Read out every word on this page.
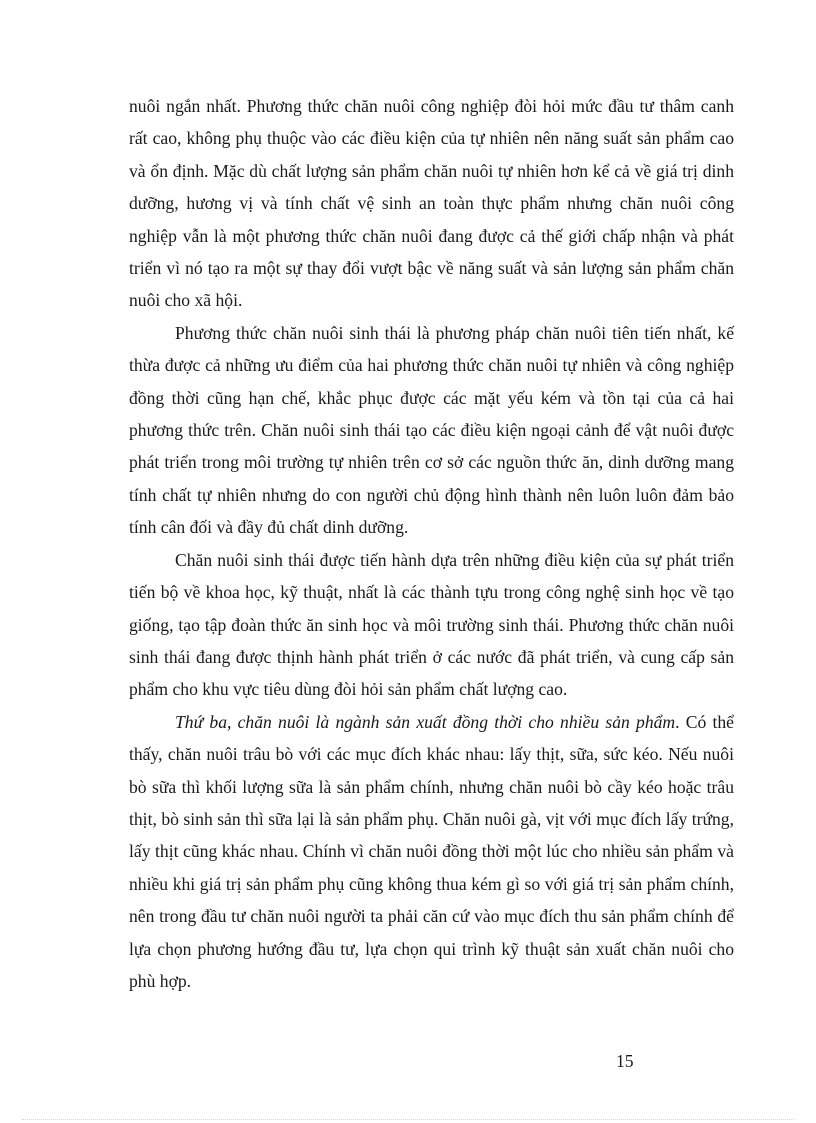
nuôi ngắn nhất. Phương thức chăn nuôi công nghiệp đòi hỏi mức đầu tư thâm canh rất cao, không phụ thuộc vào các điều kiện của tự nhiên nên năng suất sản phẩm cao và ổn định. Mặc dù chất lượng sản phẩm chăn nuôi tự nhiên hơn kể cả về giá trị dinh dưỡng, hương vị và tính chất vệ sinh an toàn thực phẩm nhưng chăn nuôi công nghiệp vẫn là một phương thức chăn nuôi đang được cả thế giới chấp nhận và phát triển vì nó tạo ra một sự thay đổi vượt bậc về năng suất và sản lượng sản phẩm chăn nuôi cho xã hội.

Phương thức chăn nuôi sinh thái là phương pháp chăn nuôi tiên tiến nhất, kế thừa được cả những ưu điểm của hai phương thức chăn nuôi tự nhiên và công nghiệp đồng thời cũng hạn chế, khắc phục được các mặt yếu kém và tồn tại của cả hai phương thức trên. Chăn nuôi sinh thái tạo các điều kiện ngoại cảnh để vật nuôi được phát triển trong môi trường tự nhiên trên cơ sở các nguồn thức ăn, dinh dưỡng mang tính chất tự nhiên nhưng do con người chủ động hình thành nên luôn luôn đảm bảo tính cân đối và đầy đủ chất dinh dưỡng.

Chăn nuôi sinh thái được tiến hành dựa trên những điều kiện của sự phát triển tiến bộ về khoa học, kỹ thuật, nhất là các thành tựu trong công nghệ sinh học về tạo giống, tạo tập đoàn thức ăn sinh học và môi trường sinh thái. Phương thức chăn nuôi sinh thái đang được thịnh hành phát triển ở các nước đã phát triển, và cung cấp sản phẩm cho khu vực tiêu dùng đòi hỏi sản phẩm chất lượng cao.

Thứ ba, chăn nuôi là ngành sản xuất đồng thời cho nhiều sản phẩm. Có thể thấy, chăn nuôi trâu bò với các mục đích khác nhau: lấy thịt, sữa, sức kéo. Nếu nuôi bò sữa thì khối lượng sữa là sản phẩm chính, nhưng chăn nuôi bò cầy kéo hoặc trâu thịt, bò sinh sản thì sữa lại là sản phẩm phụ. Chăn nuôi gà, vịt với mục đích lấy trứng, lấy thịt cũng khác nhau. Chính vì chăn nuôi đồng thời một lúc cho nhiều sản phẩm và nhiều khi giá trị sản phẩm phụ cũng không thua kém gì so với giá trị sản phẩm chính, nên trong đầu tư chăn nuôi người ta phải căn cứ vào mục đích thu sản phẩm chính để lựa chọn phương hướng đầu tư, lựa chọn qui trình kỹ thuật sản xuất chăn nuôi cho phù hợp.

15
